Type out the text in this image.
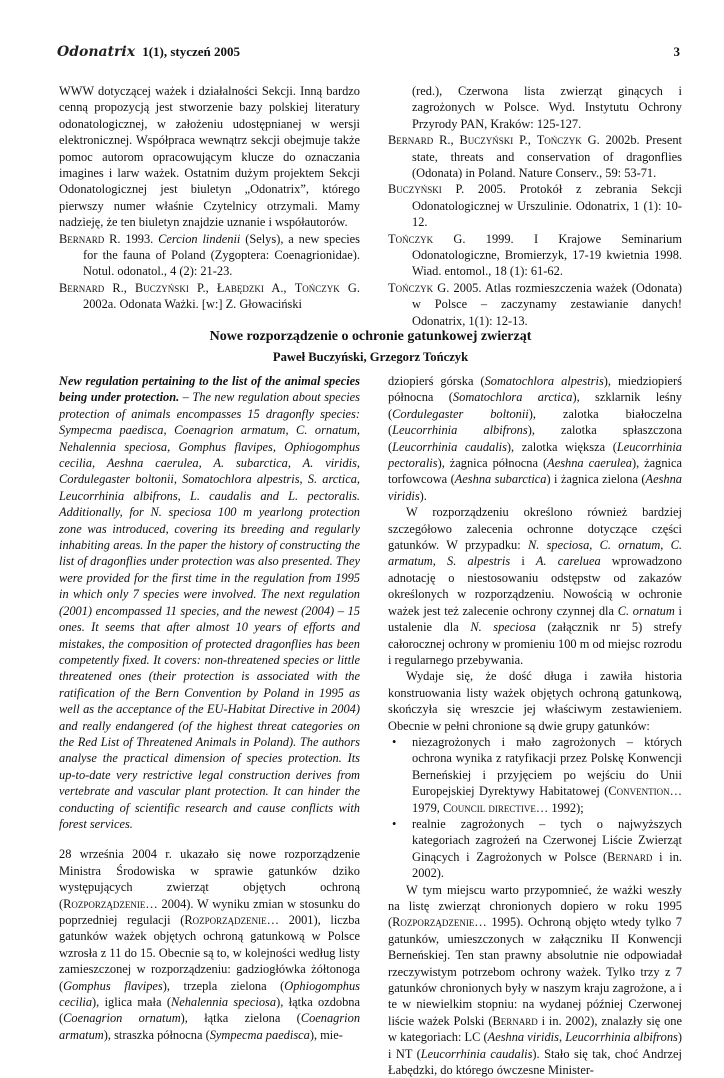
Odonatrix 1(1), styczeń 2005	3

WWW dotyczącej ważek i działalności Sekcji. Inną bardzo cenną propozycją jest stworzenie bazy polskiej literatury odonatologicznej, w założeniu udostępnianej w wersji elektronicznej. Współpraca wewnątrz sekcji obejmuje także pomoc autorom opracowującym klucze do oznaczania imagines i larw ważek. Ostatnim dużym projektem Sekcji Odonatologicznej jest biuletyn „Odonatrix”, którego pierwszy numer właśnie Czytelnicy otrzymali. Mamy nadzieję, że ten biuletyn znajdzie uznanie i współautorów.

Bernard R. 1993. Cercion lindenii (Selys), a new species for the fauna of Poland (Zygoptera: Coenagrionidae). Notul. odonatol., 4 (2): 21-23.

Bernard R., Buczyński P., Łabędzki A., Tończyk G. 2002a. Odonata Ważki. [w:] Z. Głowaciński

(red.), Czerwona lista zwierząt ginących i zagrożonych w Polsce. Wyd. Instytutu Ochrony Przyrody PAN, Kraków: 125-127.

Bernard R., Buczyński P., Tończyk G. 2002b. Present state, threats and conservation of dragonflies (Odonata) in Poland. Nature Conserv., 59: 53-71.

Buczyński P. 2005. Protokół z zebrania Sekcji Odonatologicznej w Urszulinie. Odonatrix, 1 (1): 10-12.

Tończyk G. 1999. I Krajowe Seminarium Odonatologiczne, Bromierzyk, 17-19 kwietnia 1998. Wiad. entomol., 18 (1): 61-62.

Tończyk G. 2005. Atlas rozmieszczenia ważek (Odonata) w Polsce – zaczynamy zestawianie danych! Odonatrix, 1(1): 12-13.

Nowe rozporządzenie o ochronie gatunkowej zwierząt
Paweł Buczyński, Grzegorz Tończyk

New regulation pertaining to the list of the animal species being under protection. – The new regulation about species protection of animals encompasses 15 dragonfly species: Sympecma paedisca, Coenagrion armatum, C. ornatum, Nehalennia speciosa, Gomphus flavipes, Ophiogomphus cecilia, Aeshna caerulea, A. subarctica, A. viridis, Cordulegaster boltonii, Somatochlora alpestris, S. arctica, Leucorrhinia albifrons, L. caudalis and L. pectoralis. Additionally, for N. speciosa 100 m yearlong protection zone was introduced, covering its breeding and regularly inhabiting areas. In the paper the history of constructing the list of dragonflies under protection was also presented. They were provided for the first time in the regulation from 1995 in which only 7 species were involved. The next regulation (2001) encompassed 11 species, and the newest (2004) – 15 ones. It seems that after almost 10 years of efforts and mistakes, the composition of protected dragonflies has been competently fixed. It covers: non-threatened species or little threatened ones (their protection is associated with the ratification of the Bern Convention by Poland in 1995 as well as the acceptance of the EU-Habitat Directive in 2004) and really endangered (of the highest threat categories on the Red List of Threatened Animals in Poland). The authors analyse the practical dimension of species protection. Its up-to-date very restrictive legal construction derives from vertebrate and vascular plant protection. It can hinder the conducting of scientific research and cause conflicts with forest services.

28 września 2004 r. ukazało się nowe rozporządzenie Ministra Środowiska w sprawie gatunków dziko występujących zwierząt objętych ochroną (Rozporządzenie… 2004). W wyniku zmian w stosunku do poprzedniej regulacji (Rozporządzenie… 2001), liczba gatunków ważek objętych ochroną gatunkową w Polsce wzrosła z 11 do 15. Obecnie są to, w kolejności według listy zamieszczonej w rozporządzeniu: gadziogłówka żółtonoga (Gomphus flavipes), trzepla zielona (Ophiogomphus cecilia), iglica mała (Nehalennia speciosa), łątka ozdobna (Coenagrion ornatum), łątka zielona (Coenagrion armatum), straszka północna (Sympecma paedisca), mie-

dziopierś górska (Somatochlora alpestris), miedziopierś północna (Somatochlora arctica), szklarnik leśny (Cordulegaster boltonii), zalotka białoczelna (Leucorrhinia albifrons), zalotka spłaszczona (Leucorrhinia caudalis), zalotka większa (Leucorrhinia pectoralis), żagnica północna (Aeshna caerulea), żagnica torfowcowa (Aeshna subarctica) i żagnica zielona (Aeshna viridis).

W rozporządzeniu określono również bardziej szczegółowo zalecenia ochronne dotyczące części gatunków. W przypadku: N. speciosa, C. ornatum, C. armatum, S. alpestris i A. careluea wprowadzono adnotację o niestosowaniu odstępstw od zakazów określonych w rozporządzeniu. Nowością w ochronie ważek jest też zalecenie ochrony czynnej dla C. ornatum i ustalenie dla N. speciosa (załącznik nr 5) strefy całorocznej ochrony w promieniu 100 m od miejsc rozrodu i regularnego przebywania.

Wydaje się, że dość długa i zawiła historia konstruowania listy ważek objętych ochroną gatunkową, skończyła się wreszcie jej właściwym zestawieniem. Obecnie w pełni chronione są dwie grupy gatunków:

• niezagrożonych i mało zagrożonych – których ochrona wynika z ratyfikacji przez Polskę Konwencji Berneńskiej i przyjęciem po wejściu do Unii Europejskiej Dyrektywy Habitatowej (Convention… 1979, Council directive… 1992);
• realnie zagrożonych – tych o najwyższych kategoriach zagrożeń na Czerwonej Liście Zwierząt Ginących i Zagrożonych w Polsce (Bernard i in. 2002).

W tym miejscu warto przypomnieć, że ważki weszły na listę zwierząt chronionych dopiero w roku 1995 (Rozporządzenie… 1995). Ochroną objęto wtedy tylko 7 gatunków, umieszczonych w załączniku II Konwencji Berneńskiej. Ten stan prawny absolutnie nie odpowiadał rzeczywistym potrzebom ochrony ważek. Tylko trzy z 7 gatunków chronionych były w naszym kraju zagrożone, a i te w niewielkim stopniu: na wydanej później Czerwonej liście ważek Polski (Bernard i in. 2002), znalazły się one w kategoriach: LC (Aeshna viridis, Leucorrhinia albifrons) i NT (Leucorrhinia caudalis). Stało się tak, choć Andrzej Łabędzki, do którego ówczesne Minister-
